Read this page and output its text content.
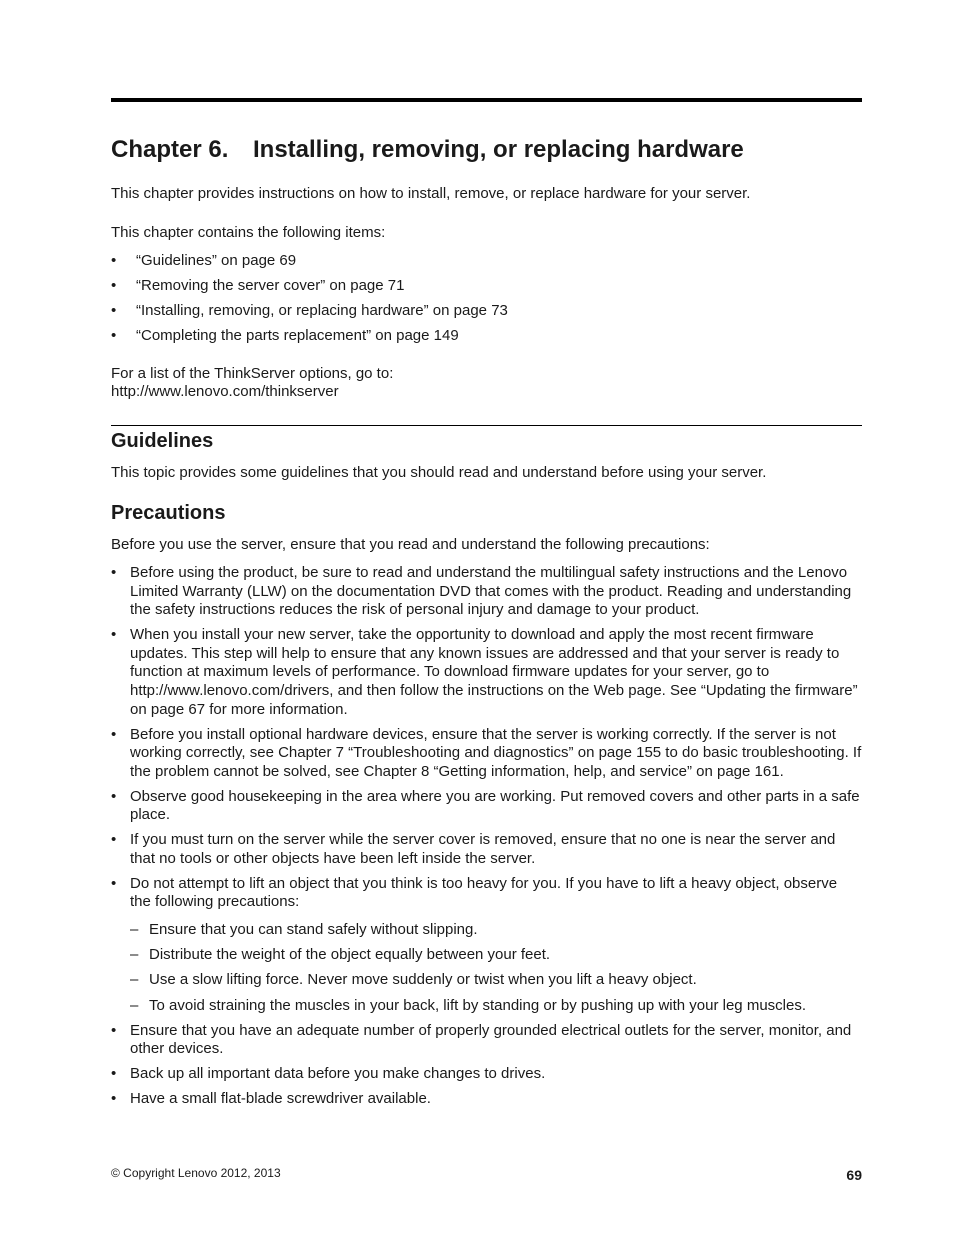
Chapter 6. Installing, removing, or replacing hardware

This chapter provides instructions on how to install, remove, or replace hardware for your server.

This chapter contains the following items:

• “Guidelines” on page 69
• “Removing the server cover” on page 71
• “Installing, removing, or replacing hardware” on page 73
• “Completing the parts replacement” on page 149

For a list of the ThinkServer options, go to:

http://www.lenovo.com/thinkserver

Guidelines

This topic provides some guidelines that you should read and understand before using your server.

Precautions

Before you use the server, ensure that you read and understand the following precautions:

• Before using the product, be sure to read and understand the multilingual safety instructions and the Lenovo Limited Warranty (LLW) on the documentation DVD that comes with the product. Reading and understanding the safety instructions reduces the risk of personal injury and damage to your product.
• When you install your new server, take the opportunity to download and apply the most recent firmware updates. This step will help to ensure that any known issues are addressed and that your server is ready to function at maximum levels of performance. To download firmware updates for your server, go to http://www.lenovo.com/drivers, and then follow the instructions on the Web page. See “Updating the firmware” on page 67 for more information.
• Before you install optional hardware devices, ensure that the server is working correctly. If the server is not working correctly, see Chapter 7 “Troubleshooting and diagnostics” on page 155 to do basic troubleshooting. If the problem cannot be solved, see Chapter 8 “Getting information, help, and service” on page 161.
• Observe good housekeeping in the area where you are working. Put removed covers and other parts in a safe place.
• If you must turn on the server while the server cover is removed, ensure that no one is near the server and that no tools or other objects have been left inside the server.
• Do not attempt to lift an object that you think is too heavy for you. If you have to lift a heavy object, observe the following precautions:
– Ensure that you can stand safely without slipping.
– Distribute the weight of the object equally between your feet.
– Use a slow lifting force. Never move suddenly or twist when you lift a heavy object.
– To avoid straining the muscles in your back, lift by standing or by pushing up with your leg muscles.
• Ensure that you have an adequate number of properly grounded electrical outlets for the server, monitor, and other devices.
• Back up all important data before you make changes to drives.
• Have a small flat-blade screwdriver available.
© Copyright Lenovo 2012, 2013	69
